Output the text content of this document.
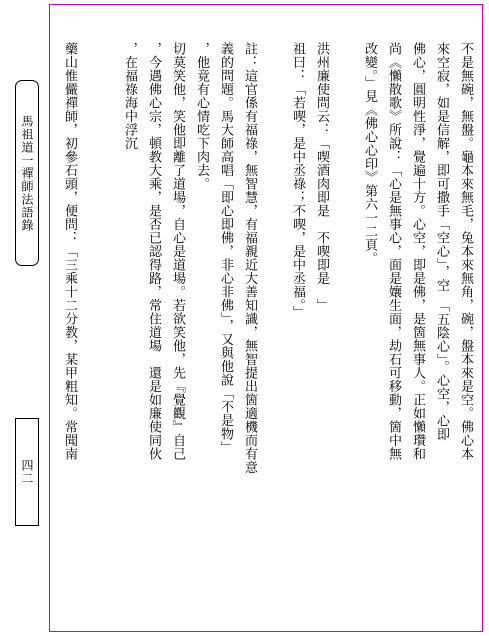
馬祖道一禪師法語錄
四二
不是無碗，無盤。龜本來無毛，兔本來無角，碗，盤本來是空。佛心本
來空寂，如是信解，即可撒手「空心」，空　「五陰心」。心空，心即
佛心，圓明性淨，覺遍十方。心空，即是佛，是箇無事人。正如懶瓚和
尚《懶散歌》所說：「心是無事心，面是孃生面，劫石可移動，箇中無
改變。」見《佛心心印》第六一二頁。
洪州廉使問云：「喫酒肉即是　不喫即是　」
祖曰：「若喫，是中丞祿；不喫，是中丞福。」
註：這官係有福祿，無智慧，有福親近大善知識，無智提出箇適機而有意
義的問題。馬大師高唱「即心即佛，非心非佛」，又與他說「不是物」
，他竟有心情吃下肉去。
切莫笑他，笑他即離了道場，自心是道場。若欲笑他，先『覺觀』自己
，今遇佛心宗，頓教大乘，是否已認得路，常住道場　還是如廉使同伙
，在福祿海中浮沉
藥山惟儼禪師，初參石頭，便問：「三乘十二分教，某甲粗知。常聞南
